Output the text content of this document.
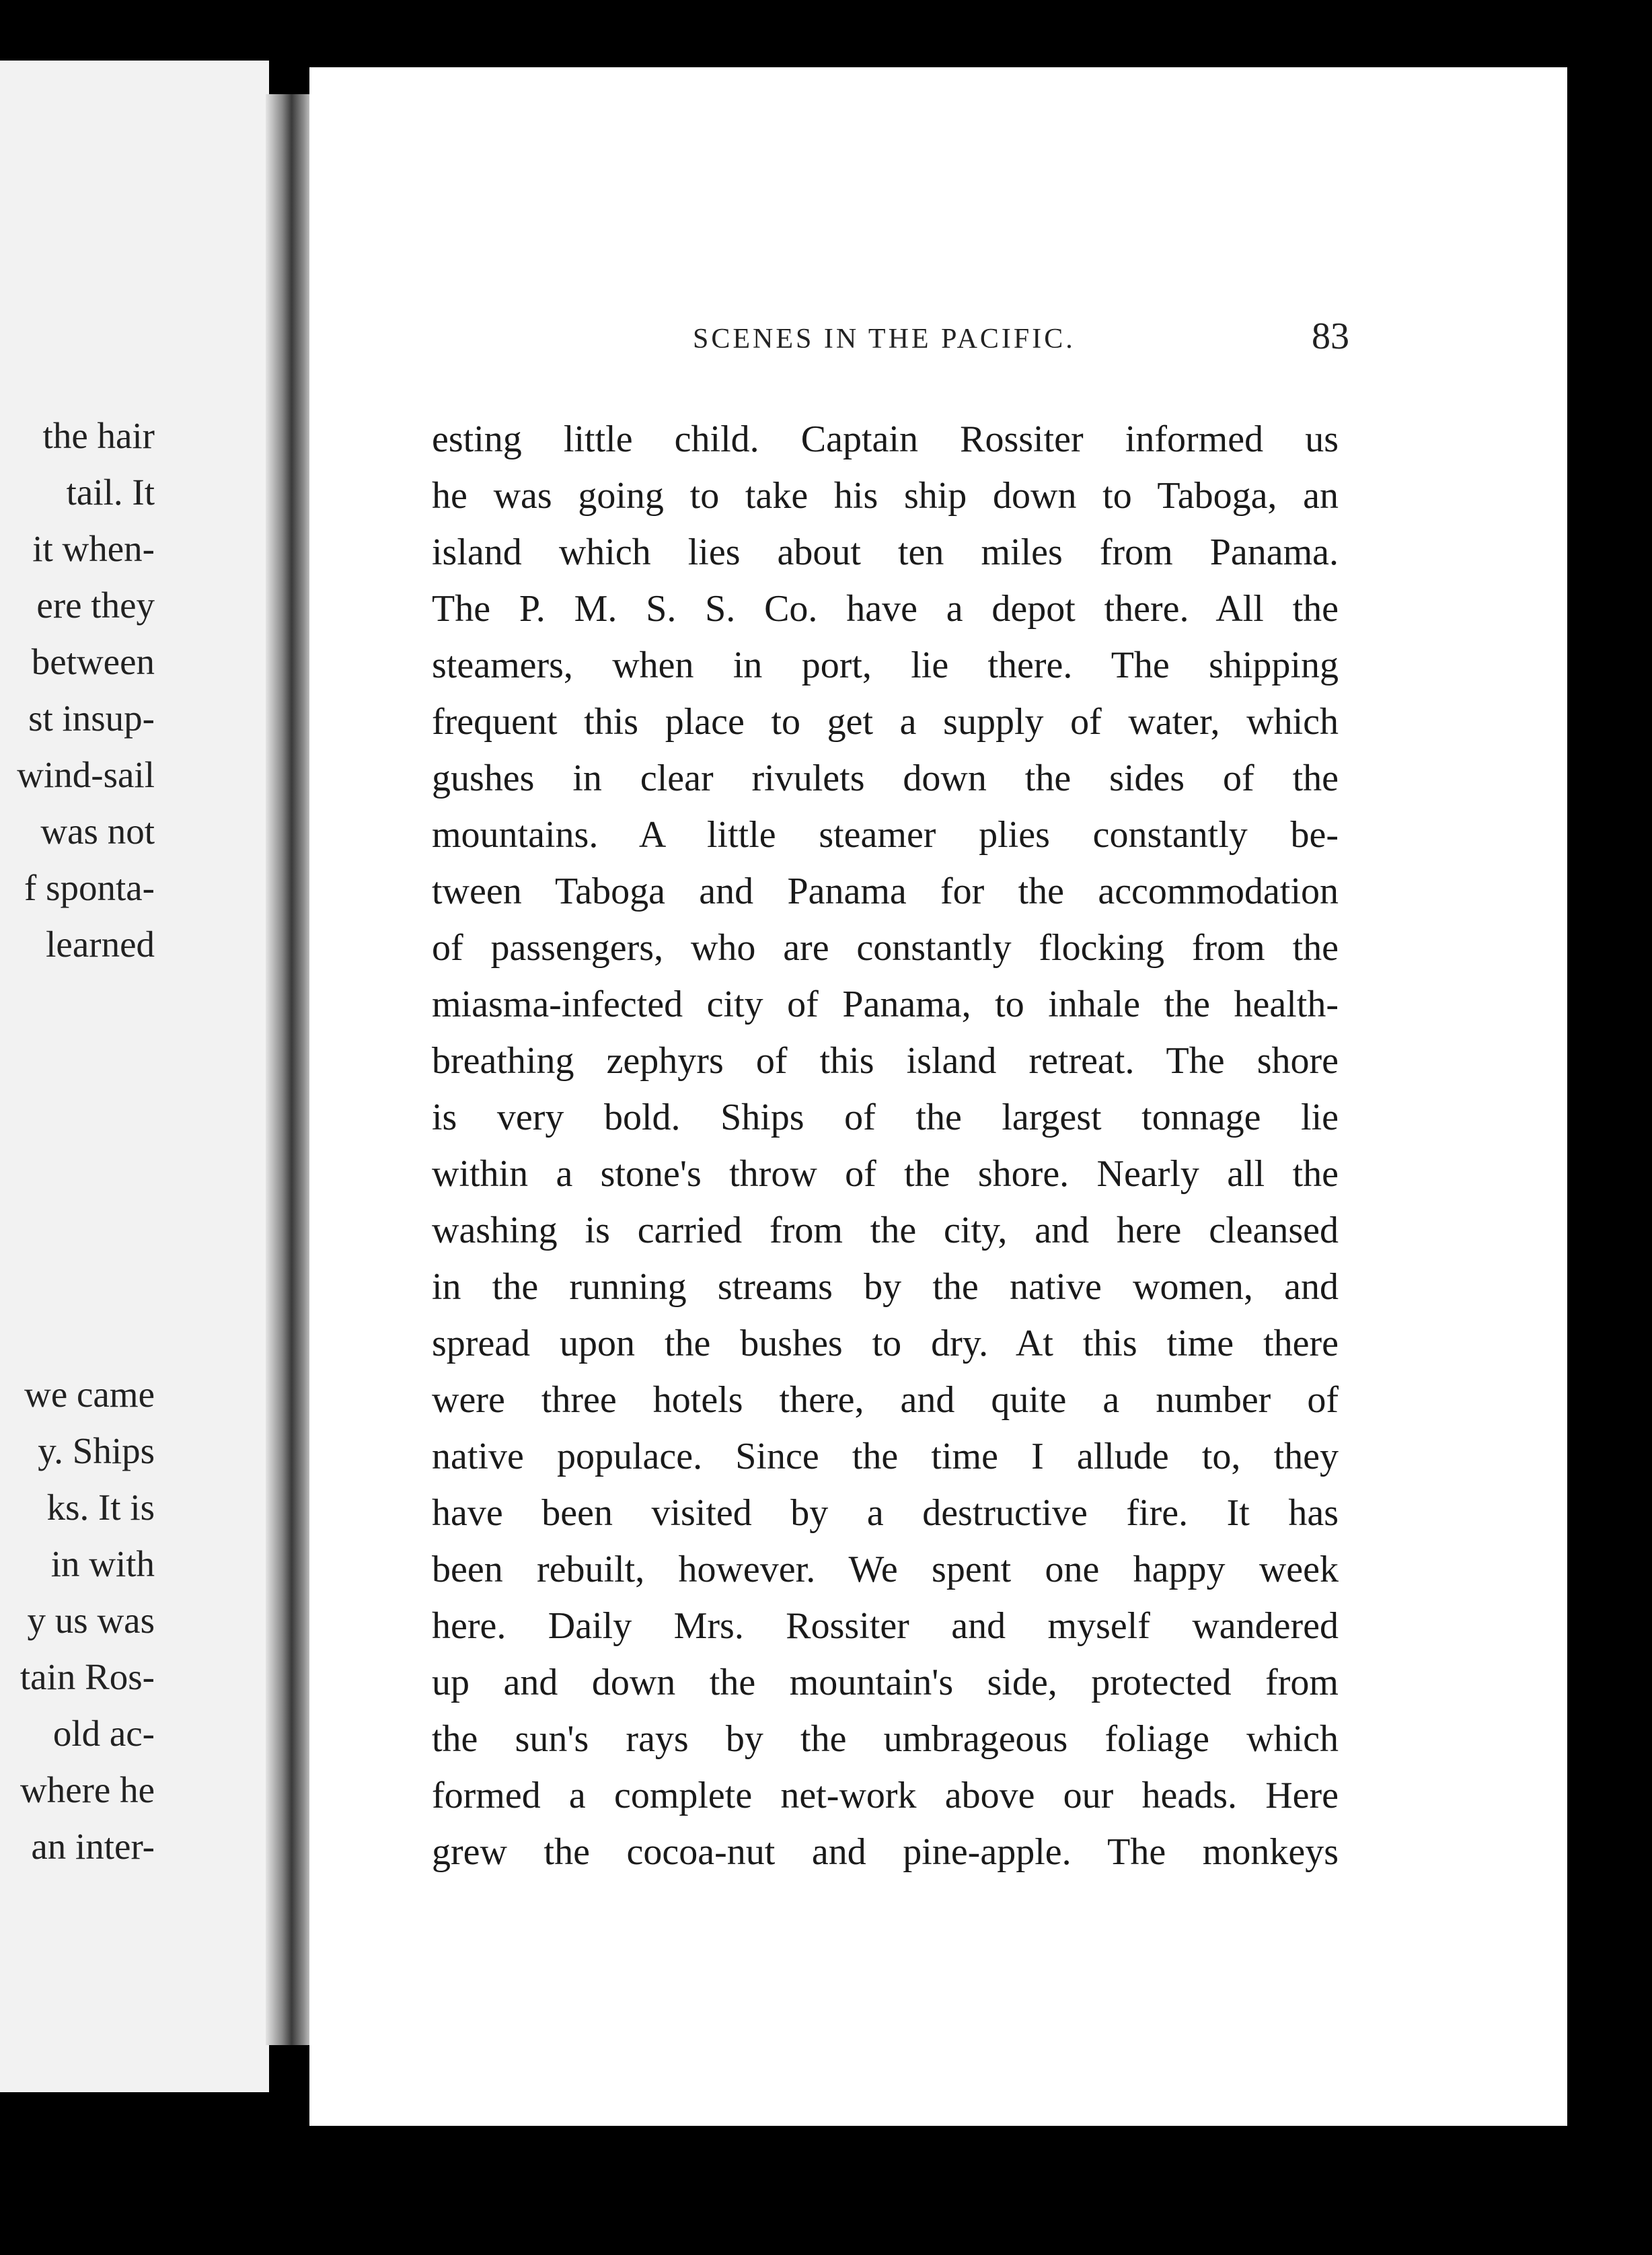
the hair
tail. It
it when-
ere they
between
st insup-
wind-sail
was not
f sponta-
learned
we came
y. Ships
ks. It is
in with
y us was
tain Ros-
old ac-
where he
an inter-
SCENES IN THE PACIFIC.	83
esting little child. Captain Rossiter informed us
he was going to take his ship down to Taboga, an
island which lies about ten miles from Panama.
The P. M. S. S. Co. have a depot there. All the
steamers, when in port, lie there. The shipping
frequent this place to get a supply of water, which
gushes in clear rivulets down the sides of the
mountains. A little steamer plies constantly be-
tween Taboga and Panama for the accommodation
of passengers, who are constantly flocking from the
miasma-infected city of Panama, to inhale the health-
breathing zephyrs of this island retreat. The shore
is very bold. Ships of the largest tonnage lie
within a stone's throw of the shore. Nearly all the
washing is carried from the city, and here cleansed
in the running streams by the native women, and
spread upon the bushes to dry. At this time there
were three hotels there, and quite a number of
native populace. Since the time I allude to, they
have been visited by a destructive fire. It has
been rebuilt, however. We spent one happy week
here. Daily Mrs. Rossiter and myself wandered
up and down the mountain's side, protected from
the sun's rays by the umbrageous foliage which
formed a complete net-work above our heads. Here
grew the cocoa-nut and pine-apple. The monkeys
